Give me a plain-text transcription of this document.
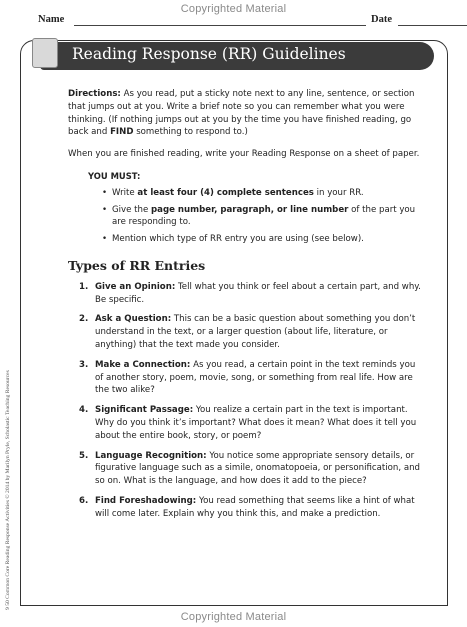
Copyrighted Material
Name	Date
Reading Response (RR) Guidelines

Directions: As you read, put a sticky note next to any line, sentence, or section that jumps out at you. Write a brief note so you can remember what you were thinking. (If nothing jumps out at you by the time you have finished reading, go back and FIND something to respond to.)

When you are finished reading, write your Reading Response on a sheet of paper.

YOU MUST:

• Write at least four (4) complete sentences in your RR.
• Give the page number, paragraph, or line number of the part you are responding to.
• Mention which type of RR entry you are using (see below).
Types of RR Entries
1. Give an Opinion: Tell what you think or feel about a certain part, and why. Be specific.
2. Ask a Question: This can be a basic question about something you don’t understand in the text, or a larger question (about life, literature, or anything) that the text made you consider.
3. Make a Connection: As you read, a certain point in the text reminds you of another story, poem, movie, song, or something from real life. How are the two alike?
4. Significant Passage: You realize a certain part in the text is important. Why do you think it’s important? What does it mean? What does it tell you about the entire book, story, or poem?
5. Language Recognition: You notice some appropriate sensory details, or figurative language such as a simile, onomatopoeia, or personification, and so on. What is the language, and how does it add to the piece?
6. Find Foreshadowing: You read something that seems like a hint of what will come later. Explain why you think this, and make a prediction.
9 50 Common Core Reading Response Activities © 2014 by Marilyn Pryle, Scholastic Teaching Resources
Copyrighted Material
